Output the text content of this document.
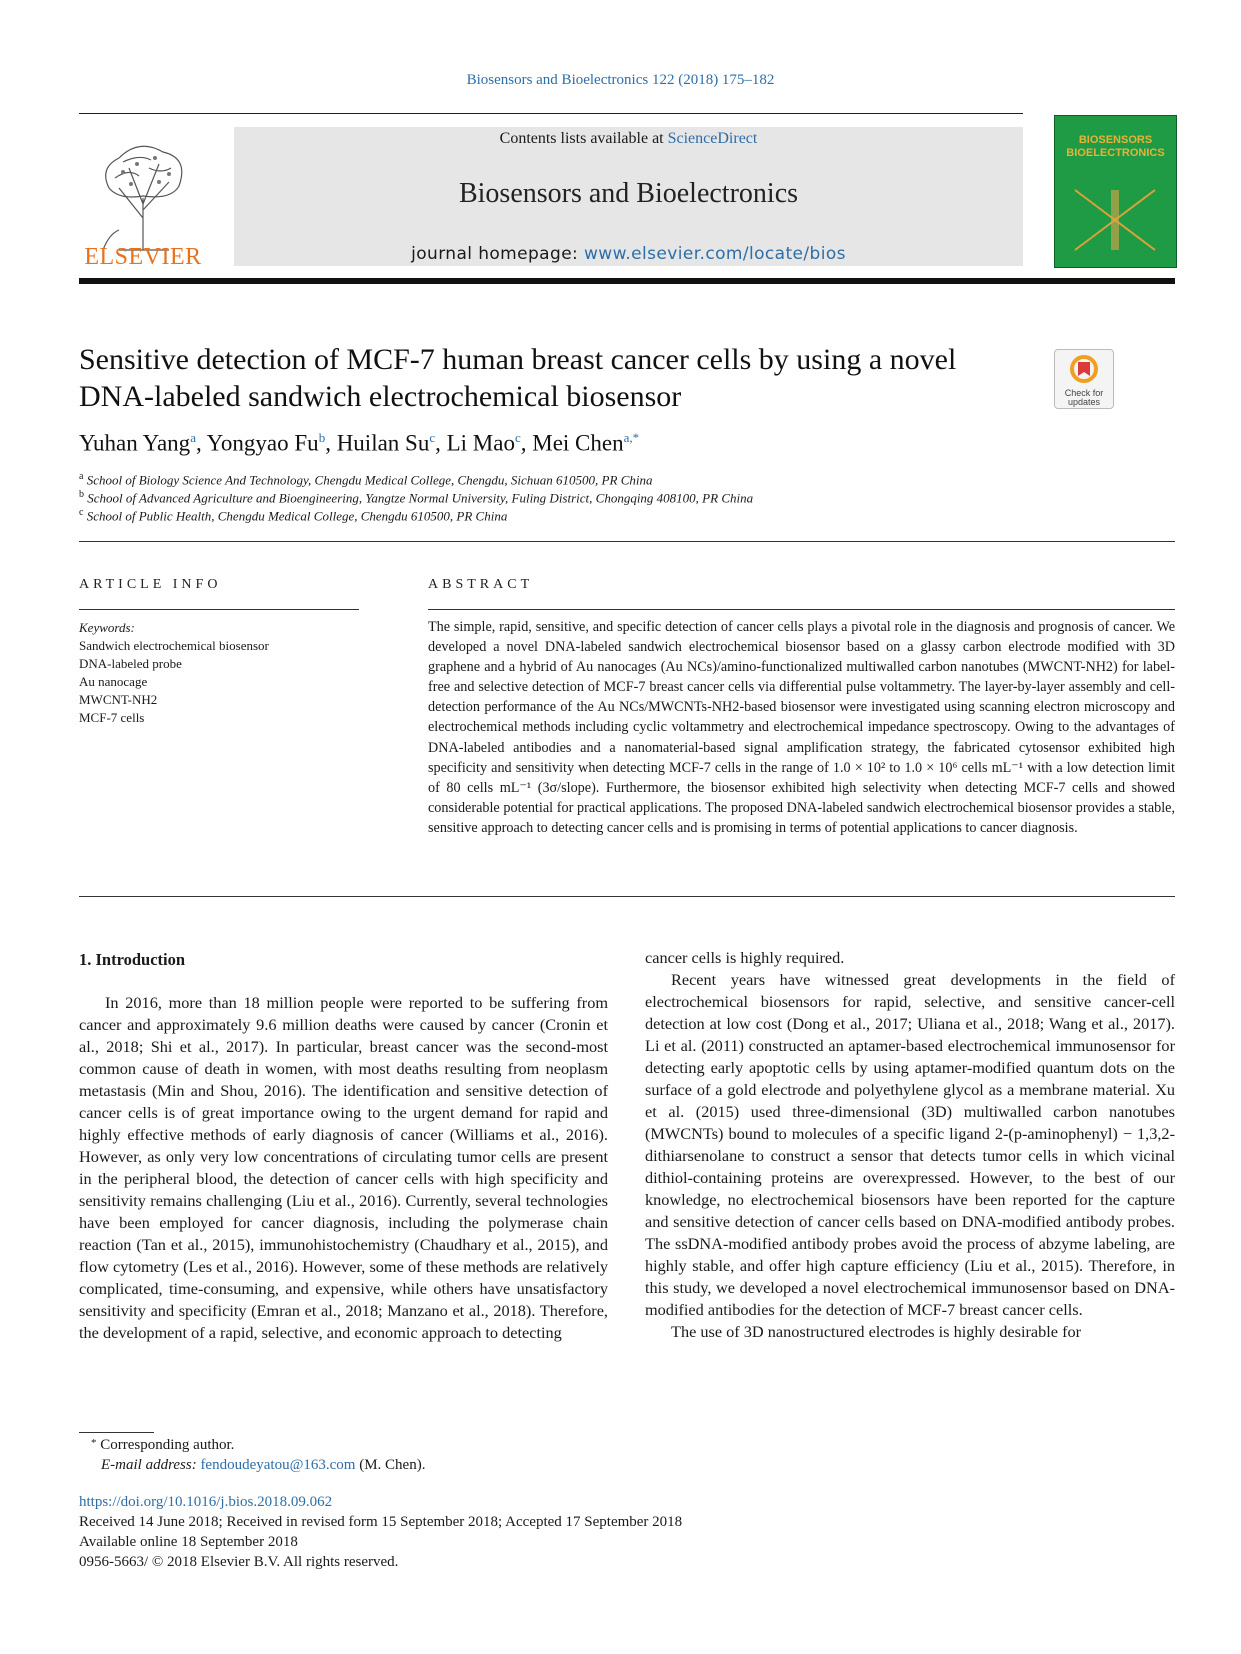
Biosensors and Bioelectronics 122 (2018) 175–182
ELSEVIER
Contents lists available at ScienceDirect
Biosensors and Bioelectronics
journal homepage: www.elsevier.com/locate/bios
BIOSENSORS
BIOELECTRONICS
Sensitive detection of MCF-7 human breast cancer cells by using a novel DNA-labeled sandwich electrochemical biosensor	Check for
updates
Yuhan Yang$^a$, Yongyao Fu$^b$, Huilan Su$^c$, Li Mao$^c$, Mei Chen$^{a,*}$
$^a$ School of Biology Science And Technology, Chengdu Medical College, Chengdu, Sichuan 610500, PR China
$^b$ School of Advanced Agriculture and Bioengineering, Yangtze Normal University, Fuling District, Chongqing 408100, PR China
$^c$ School of Public Health, Chengdu Medical College, Chengdu 610500, PR China
ARTICLE INFO
Keywords:
Sandwich electrochemical biosensor
DNA-labeled probe
Au nanocage
MWCNT-NH2
MCF-7 cells
ABSTRACT
The simple, rapid, sensitive, and specific detection of cancer cells plays a pivotal role in the diagnosis and prognosis of cancer. We developed a novel DNA-labeled sandwich electrochemical biosensor based on a glassy carbon electrode modified with 3D graphene and a hybrid of Au nanocages (Au NCs)/amino-functionalized multiwalled carbon nanotubes (MWCNT-NH2) for label-free and selective detection of MCF-7 breast cancer cells via differential pulse voltammetry. The layer-by-layer assembly and cell-detection performance of the Au NCs/MWCNTs-NH2-based biosensor were investigated using scanning electron microscopy and electrochemical methods including cyclic voltammetry and electrochemical impedance spectroscopy. Owing to the advantages of DNA-labeled antibodies and a nanomaterial-based signal amplification strategy, the fabricated cytosensor exhibited high specificity and sensitivity when detecting MCF-7 cells in the range of 1.0 × 10² to 1.0 × 10⁶ cells mL⁻¹ with a low detection limit of 80 cells mL⁻¹ (3σ/slope). Furthermore, the biosensor exhibited high selectivity when detecting MCF-7 cells and showed considerable potential for practical applications. The proposed DNA-labeled sandwich electrochemical biosensor provides a stable, sensitive approach to detecting cancer cells and is promising in terms of potential applications to cancer diagnosis.
1. Introduction

In 2016, more than 18 million people were reported to be suffering from cancer and approximately 9.6 million deaths were caused by cancer (Cronin et al., 2018; Shi et al., 2017). In particular, breast cancer was the second-most common cause of death in women, with most deaths resulting from neoplasm metastasis (Min and Shou, 2016). The identification and sensitive detection of cancer cells is of great importance owing to the urgent demand for rapid and highly effective methods of early diagnosis of cancer (Williams et al., 2016). However, as only very low concentrations of circulating tumor cells are present in the peripheral blood, the detection of cancer cells with high specificity and sensitivity remains challenging (Liu et al., 2016). Currently, several technologies have been employed for cancer diagnosis, including the polymerase chain reaction (Tan et al., 2015), immunohistochemistry (Chaudhary et al., 2015), and flow cytometry (Les et al., 2016). However, some of these methods are relatively complicated, time-consuming, and expensive, while others have unsatisfactory sensitivity and specificity (Emran et al., 2018; Manzano et al., 2018). Therefore, the development of a rapid, selective, and economic approach to detecting

cancer cells is highly required.

Recent years have witnessed great developments in the field of electrochemical biosensors for rapid, selective, and sensitive cancer-cell detection at low cost (Dong et al., 2017; Uliana et al., 2018; Wang et al., 2017). Li et al. (2011) constructed an aptamer-based electrochemical immunosensor for detecting early apoptotic cells by using aptamer-modified quantum dots on the surface of a gold electrode and polyethylene glycol as a membrane material. Xu et al. (2015) used three-dimensional (3D) multiwalled carbon nanotubes (MWCNTs) bound to molecules of a specific ligand 2-(p-aminophenyl) − 1,3,2-dithiarsenolane to construct a sensor that detects tumor cells in which vicinal dithiol-containing proteins are overexpressed. However, to the best of our knowledge, no electrochemical biosensors have been reported for the capture and sensitive detection of cancer cells based on DNA-modified antibody probes. The ssDNA-modified antibody probes avoid the process of abzyme labeling, are highly stable, and offer high capture efficiency (Liu et al., 2015). Therefore, in this study, we developed a novel electrochemical immunosensor based on DNA-modified antibodies for the detection of MCF-7 breast cancer cells.

The use of 3D nanostructured electrodes is highly desirable for

* Corresponding author.
E-mail address: fendoudeyatou@163.com (M. Chen).
https://doi.org/10.1016/j.bios.2018.09.062
Received 14 June 2018; Received in revised form 15 September 2018; Accepted 17 September 2018
Available online 18 September 2018
0956-5663/ © 2018 Elsevier B.V. All rights reserved.
